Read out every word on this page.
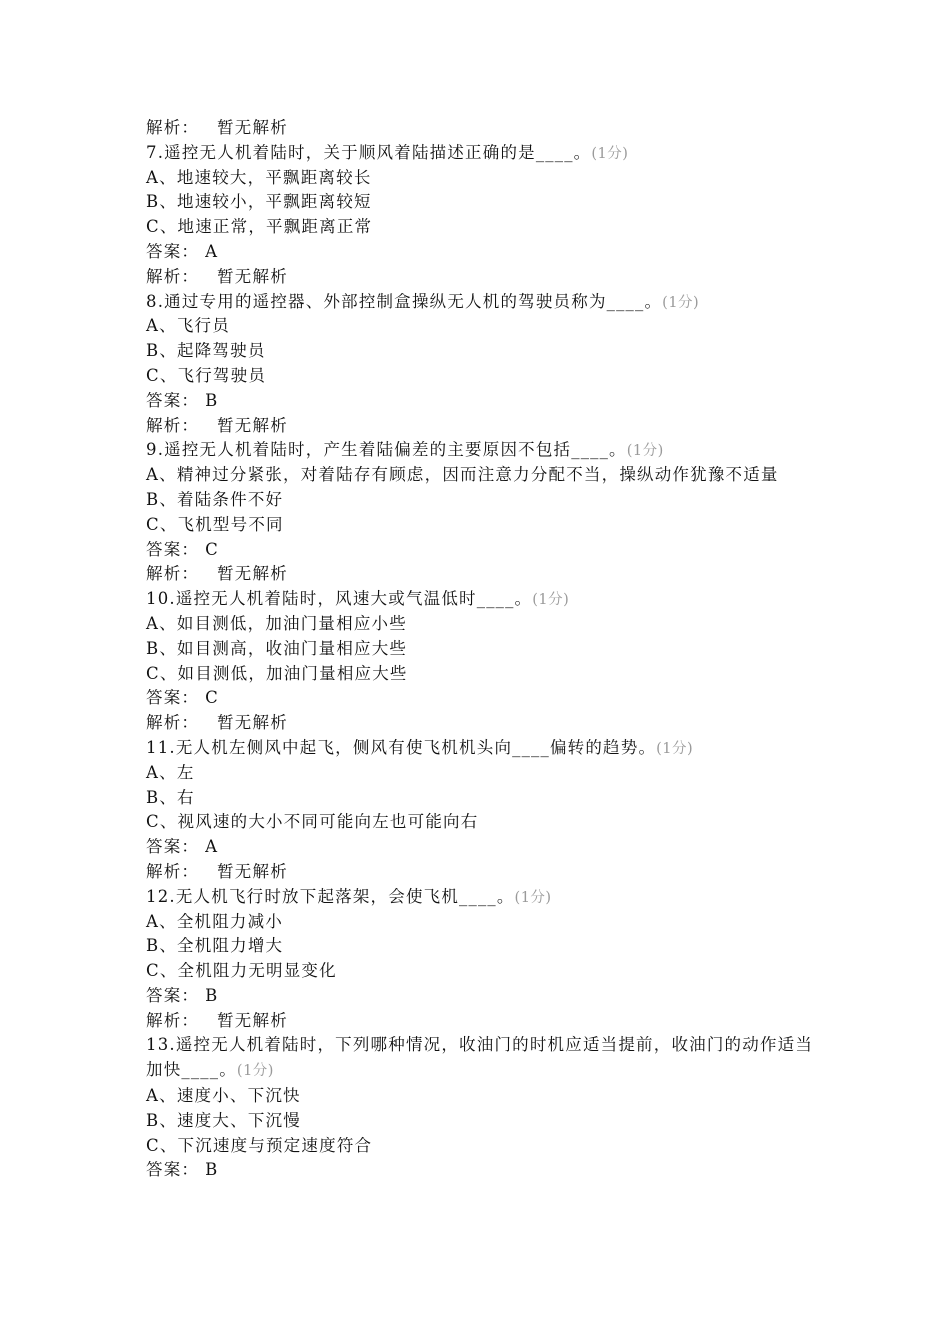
解析： 暂无解析
7.遥控无人机着陆时，关于顺风着陆描述正确的是____。(1分)
A、地速较大，平飘距离较长
B、地速较小，平飘距离较短
C、地速正常，平飘距离正常
答案： A
解析： 暂无解析
8.通过专用的遥控器、外部控制盒操纵无人机的驾驶员称为____。(1分)
A、飞行员
B、起降驾驶员
C、飞行驾驶员
答案： B
解析： 暂无解析
9.遥控无人机着陆时，产生着陆偏差的主要原因不包括____。(1分)
A、精神过分紧张，对着陆存有顾虑，因而注意力分配不当，操纵动作犹豫不适量
B、着陆条件不好
C、飞机型号不同
答案： C
解析： 暂无解析
10.遥控无人机着陆时，风速大或气温低时____。(1分)
A、如目测低，加油门量相应小些
B、如目测高，收油门量相应大些
C、如目测低，加油门量相应大些
答案： C
解析： 暂无解析
11.无人机左侧风中起飞，侧风有使飞机机头向____偏转的趋势。(1分)
A、左
B、右
C、视风速的大小不同可能向左也可能向右
答案： A
解析： 暂无解析
12.无人机飞行时放下起落架，会使飞机____。(1分)
A、全机阻力减小
B、全机阻力增大
C、全机阻力无明显变化
答案： B
解析： 暂无解析
13.遥控无人机着陆时，下列哪种情况，收油门的时机应适当提前，收油门的动作适当加快____。(1分)
A、速度小、下沉快
B、速度大、下沉慢
C、下沉速度与预定速度符合
答案： B
